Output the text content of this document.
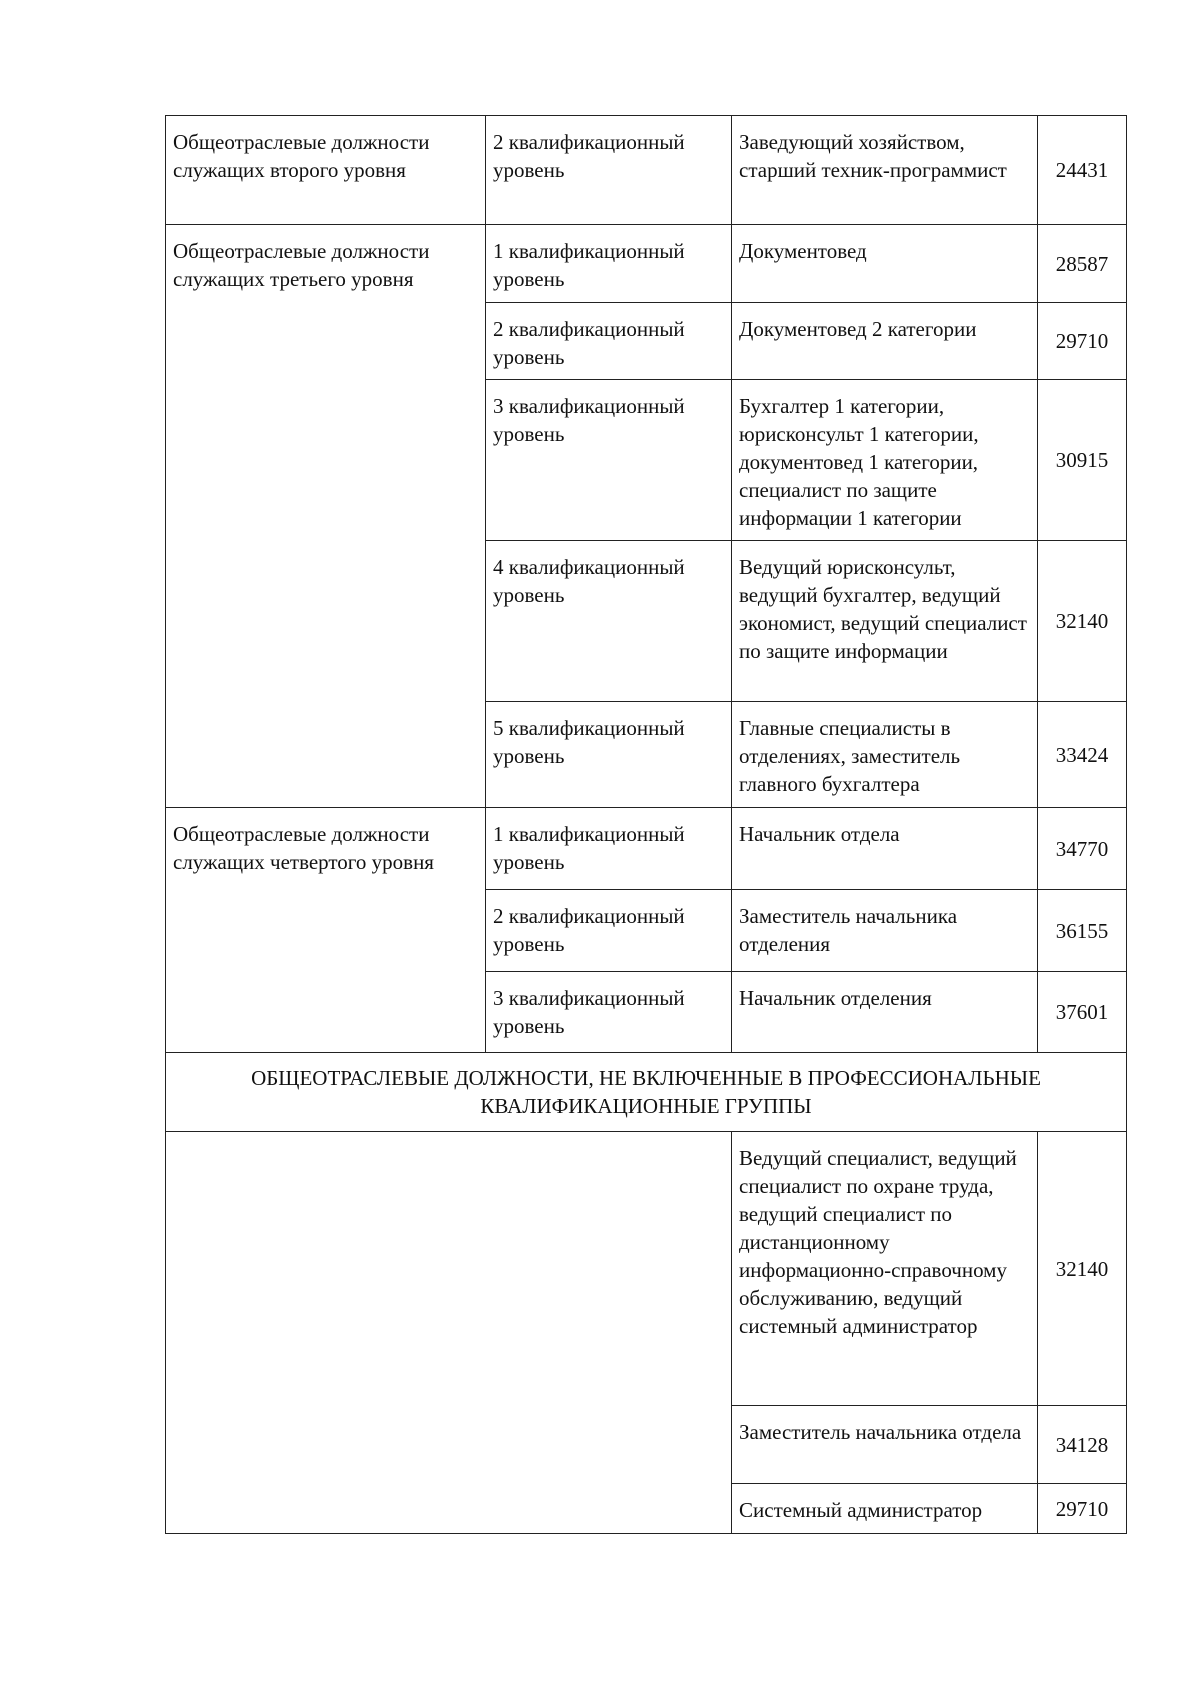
Общеотраслевые должности служащих второго уровня	2 квалификационный уровень	Заведующий хозяйством, старший техник-программист	24431
Общеотраслевые должности служащих третьего уровня	1 квалификационный уровень	Документовед	28587
	2 квалификационный уровень	Документовед 2 категории	29710
	3 квалификационный уровень	Бухгалтер 1 категории, юрисконсульт 1 категории, документовед 1 категории, специалист по защите информации 1 категории	30915
	4 квалификационный уровень	Ведущий юрисконсульт, ведущий бухгалтер, ведущий экономист, ведущий специалист по защите информации	32140
	5 квалификационный уровень	Главные специалисты в отделениях, заместитель главного бухгалтера	33424
Общеотраслевые должности служащих четвертого уровня	1 квалификационный уровень	Начальник отдела	34770
	2 квалификационный уровень	Заместитель начальника отделения	36155
	3 квалификационный уровень	Начальник отделения	37601
ОБЩЕОТРАСЛЕВЫЕ ДОЛЖНОСТИ, НЕ ВКЛЮЧЕННЫЕ В ПРОФЕССИОНАЛЬНЫЕ КВАЛИФИКАЦИОННЫЕ ГРУППЫ			
		Ведущий специалист, ведущий специалист по охране труда, ведущий специалист по дистанционному информационно-справочному обслуживанию, ведущий системный администратор	32140
		Заместитель начальника отдела	34128
		Системный администратор	29710
